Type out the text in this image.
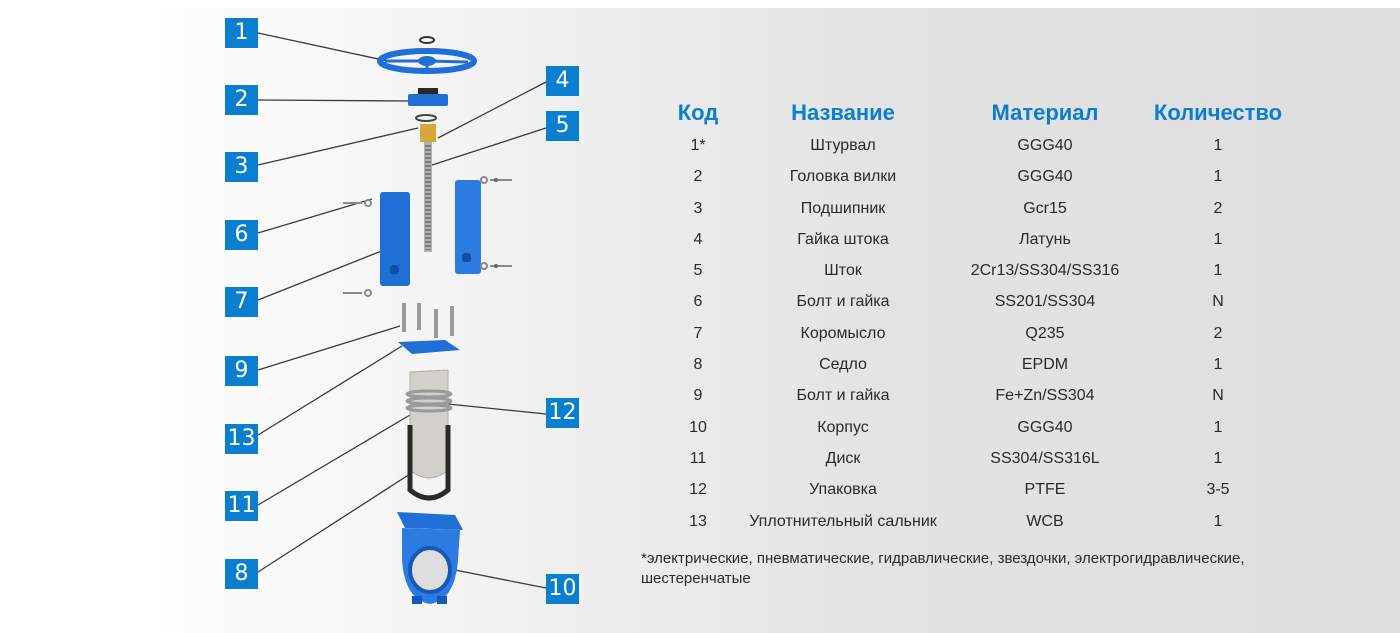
1
2
3
4
5
6
7
9
13
11
8
12
10
Код	Название	Материал	Количество
1*	Штурвал	GGG40	1
2	Головка вилки	GGG40	1
3	Подшипник	Gcr15	2
4	Гайка штока	Латунь	1
5	Шток	2Cr13/SS304/SS316	1
6	Болт и гайка	SS201/SS304	N
7	Коромысло	Q235	2
8	Седло	EPDM	1
9	Болт и гайка	Fe+Zn/SS304	N
10	Корпус	GGG40	1
11	Диск	SS304/SS316L	1
12	Упаковка	PTFE	3-5
13	Уплотнительный сальник	WCB	1
*электрические, пневматические, гидравлические, звездочки, электрогидравлические, шестеренчатые
